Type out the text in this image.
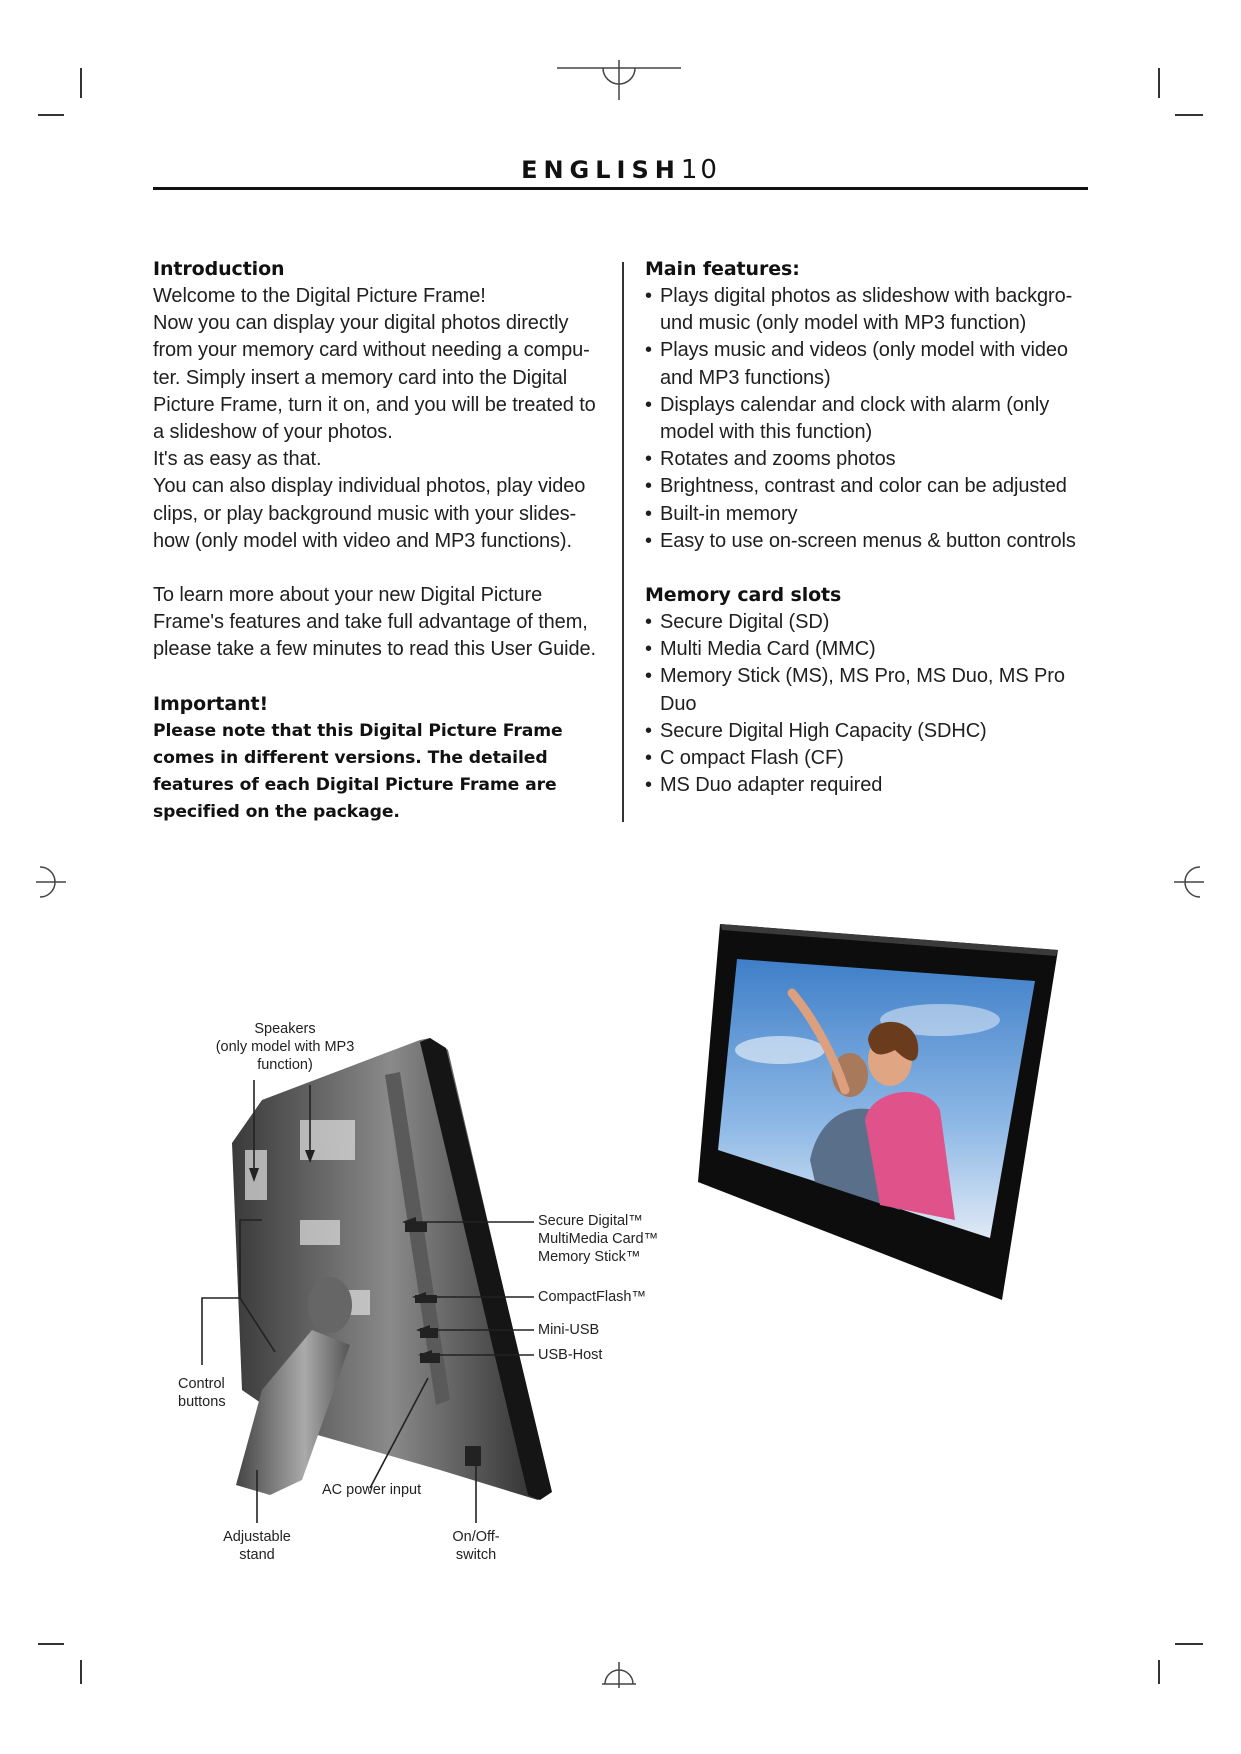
ENGLISH10

Introduction

Welcome to the Digital Picture Frame!

Now you can display your digital photos directly from your memory card without needing a compu-ter. Simply insert a memory card into the Digital Picture Frame, turn it on, and you will be treated to a slideshow of your photos.

It's as easy as that.

You can also display individual photos, play video clips, or play background music with your slides-how (only model with video and MP3 functions).

To learn more about your new Digital Picture Frame's features and take full advantage of them, please take a few minutes to read this User Guide.

Important!

Please note that this Digital Picture Frame comes in different versions. The detailed features of each Digital Picture Frame are specified on the package.

Main features:

• Plays digital photos as slideshow with backgro-und music (only model with MP3 function)
• Plays music and videos (only model with video and MP3 functions)
• Displays calendar and clock with alarm (only model with this function)
• Rotates and zooms photos
• Brightness, contrast and color can be adjusted
• Built-in memory
• Easy to use on-screen menus & button controls

Memory card slots

• Secure Digital (SD)
• Multi Media Card (MMC)
• Memory Stick (MS), MS Pro, MS Duo, MS Pro Duo
• Secure Digital High Capacity (SDHC)
• C ompact Flash (CF)
• MS Duo adapter required
Speakers
(only model with MP3
function)
Secure Digital™
MultiMedia Card™
Memory Stick™
CompactFlash™
Mini-USB
USB-Host
Control
buttons
AC power input
Adjustable
stand
On/Off-
switch
